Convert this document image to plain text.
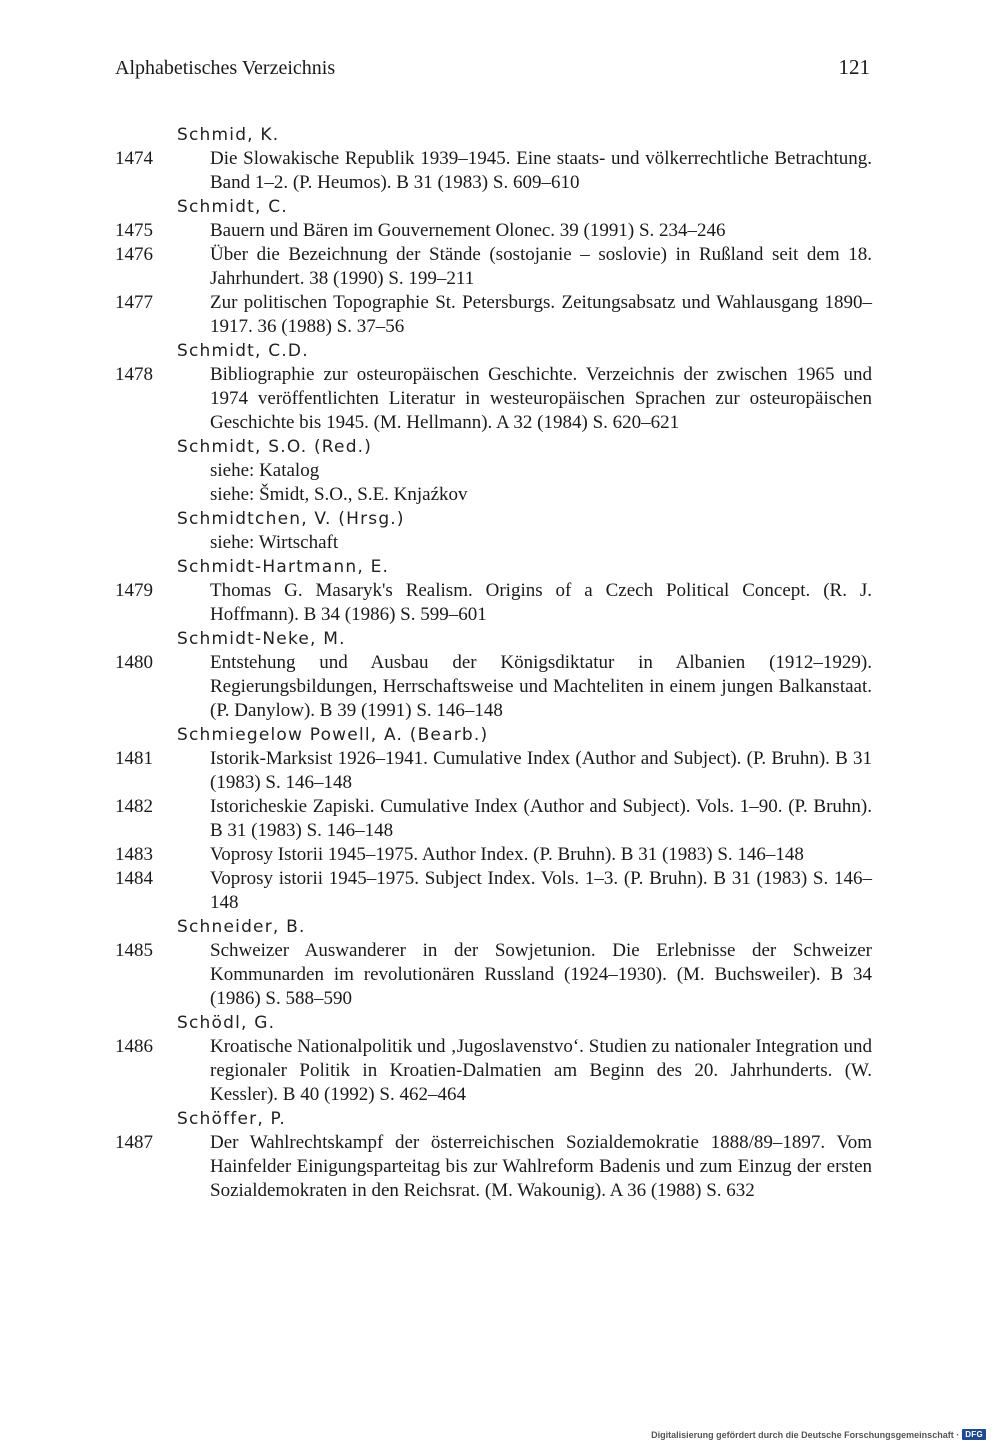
Alphabetisches Verzeichnis	121
Schmid, K.
1474	Die Slowakische Republik 1939–1945. Eine staats- und völkerrechtliche Betrachtung. Band 1–2. (P. Heumos). B 31 (1983) S. 609–610
Schmidt, C.
1475	Bauern und Bären im Gouvernement Olonec. 39 (1991) S. 234–246
1476	Über die Bezeichnung der Stände (sostojanie – soslovie) in Rußland seit dem 18. Jahrhundert. 38 (1990) S. 199–211
1477	Zur politischen Topographie St. Petersburgs. Zeitungsabsatz und Wahlausgang 1890–1917. 36 (1988) S. 37–56
Schmidt, C.D.
1478	Bibliographie zur osteuropäischen Geschichte. Verzeichnis der zwischen 1965 und 1974 veröffentlichten Literatur in westeuropäischen Sprachen zur osteuropäischen Geschichte bis 1945. (M. Hellmann). A 32 (1984) S. 620–621
Schmidt, S.O. (Red.)
siehe: Katalog
siehe: Šmidt, S.O., S.E. Knjaźkov
Schmidtchen, V. (Hrsg.)
siehe: Wirtschaft
Schmidt-Hartmann, E.
1479	Thomas G. Masaryk's Realism. Origins of a Czech Political Concept. (R. J. Hoffmann). B 34 (1986) S. 599–601
Schmidt-Neke, M.
1480	Entstehung und Ausbau der Königsdiktatur in Albanien (1912–1929). Regierungsbildungen, Herrschaftsweise und Machteliten in einem jungen Balkanstaat. (P. Danylow). B 39 (1991) S. 146–148
Schmiegelow Powell, A. (Bearb.)
1481	Istorik-Marksist 1926–1941. Cumulative Index (Author and Subject). (P. Bruhn). B 31 (1983) S. 146–148
1482	Istoricheskie Zapiski. Cumulative Index (Author and Subject). Vols. 1–90. (P. Bruhn). B 31 (1983) S. 146–148
1483	Voprosy Istorii 1945–1975. Author Index. (P. Bruhn). B 31 (1983) S. 146–148
1484	Voprosy istorii 1945–1975. Subject Index. Vols. 1–3. (P. Bruhn). B 31 (1983) S. 146–148
Schneider, B.
1485	Schweizer Auswanderer in der Sowjetunion. Die Erlebnisse der Schweizer Kommunarden im revolutionären Russland (1924–1930). (M. Buchsweiler). B 34 (1986) S. 588–590
Schödl, G.
1486	Kroatische Nationalpolitik und ‚Jugoslavenstvo‘. Studien zu nationaler Integration und regionaler Politik in Kroatien-Dalmatien am Beginn des 20. Jahrhunderts. (W. Kessler). B 40 (1992) S. 462–464
Schöffer, P.
1487	Der Wahlrechtskampf der österreichischen Sozialdemokratie 1888/89–1897. Vom Hainfelder Einigungsparteitag bis zur Wahlreform Badenis und zum Einzug der ersten Sozialdemokraten in den Reichsrat. (M. Wakounig). A 36 (1988) S. 632
Digitalisierung gefördert durch die Deutsche Forschungsgemeinschaft · DFG
